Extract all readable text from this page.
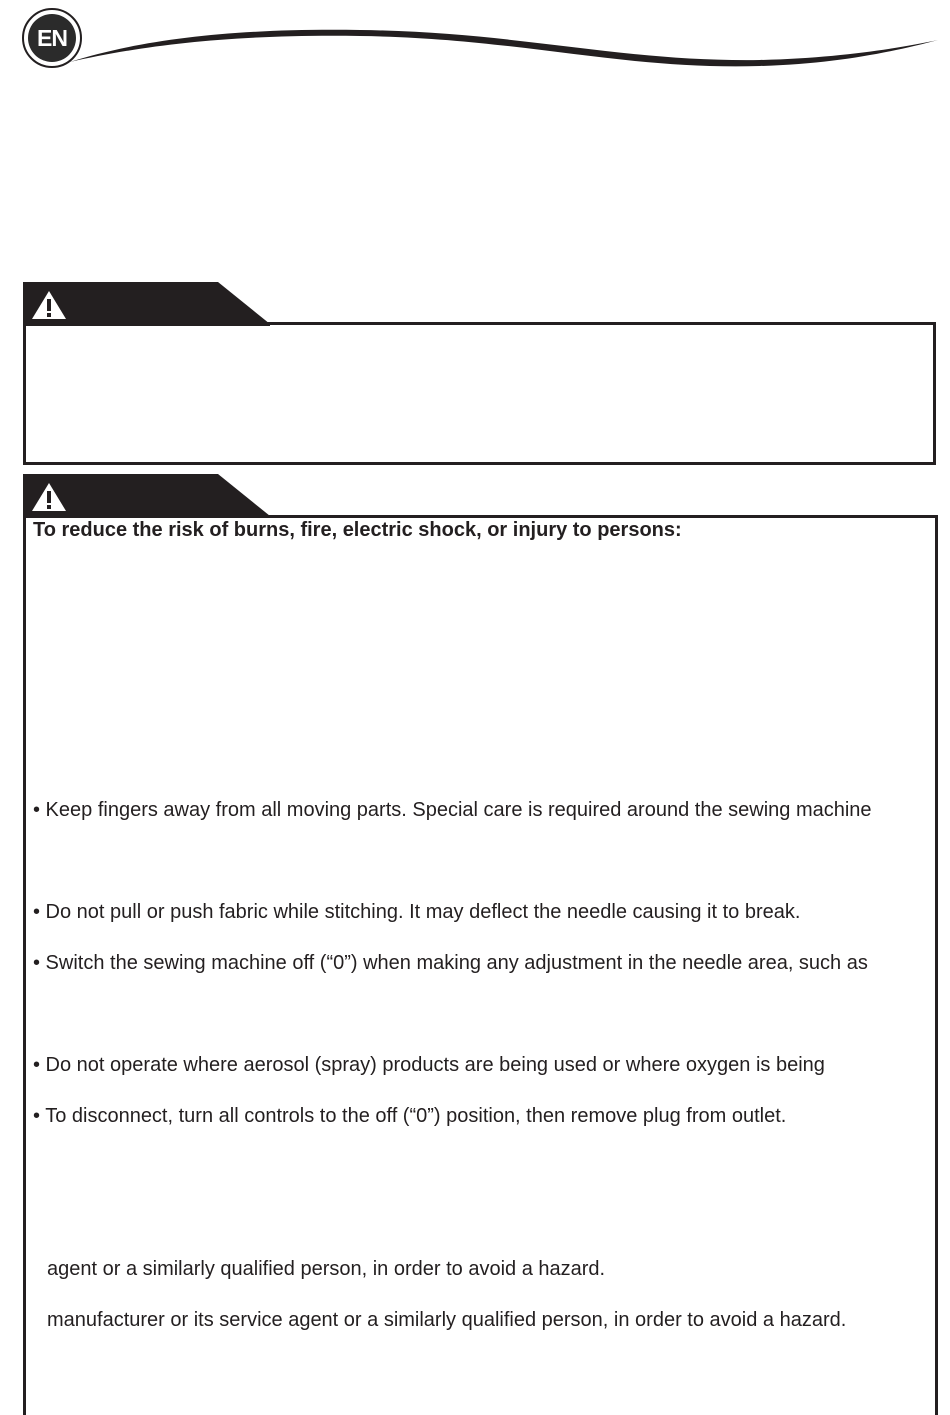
EN
To reduce the risk of burns, fire, electric shock, or injury to persons:
• Keep fingers away from all moving parts. Special care is required around the sewing machine
• Do not pull or push fabric while stitching. It may deflect the needle causing it to break.
• Switch the sewing machine off (“0”) when making any adjustment in the needle area, such as
• Do not operate where aerosol (spray) products are being used or where oxygen is being
• To disconnect, turn all controls to the off (“0”) position, then remove plug from outlet.
agent or a similarly qualified person, in order to avoid a hazard.
manufacturer or its service agent or a similarly qualified person, in order to avoid a hazard.
